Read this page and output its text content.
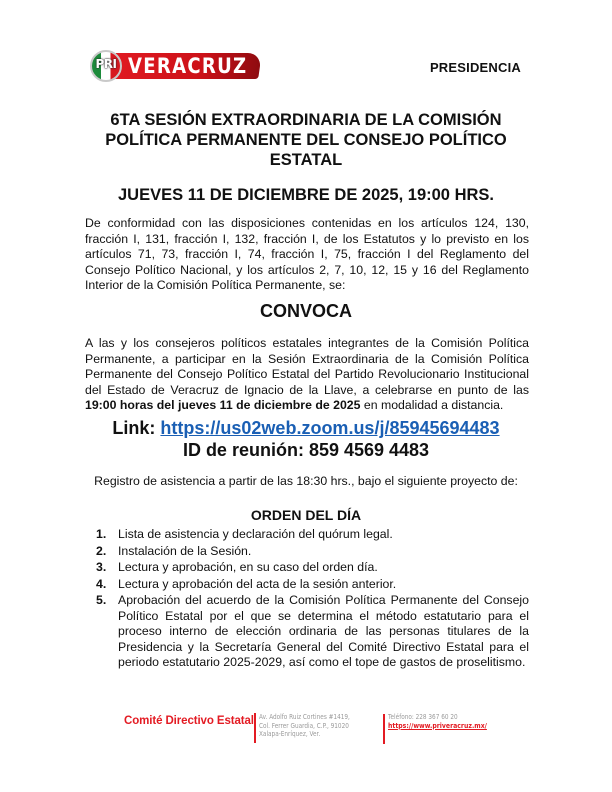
VERACRUZ
PRI	PRESIDENCIA
6TA SESIÓN EXTRAORDINARIA DE LA COMISIÓN POLÍTICA PERMANENTE DEL CONSEJO POLÍTICO ESTATAL
JUEVES 11 DE DICIEMBRE DE 2025, 19:00 HRS.
De conformidad con las disposiciones contenidas en los artículos 124, 130, fracción I, 131, fracción I, 132, fracción I, de los Estatutos y lo previsto en los artículos 71, 73, fracción I, 74, fracción I, 75, fracción I del Reglamento del Consejo Político Nacional, y los artículos 2, 7, 10, 12, 15 y 16 del Reglamento Interior de la Comisión Política Permanente, se:
CONVOCA
A las y los consejeros políticos estatales integrantes de la Comisión Política Permanente, a participar en la Sesión Extraordinaria de la Comisión Política Permanente del Consejo Político Estatal del Partido Revolucionario Institucional del Estado de Veracruz de Ignacio de la Llave, a celebrarse en punto de las 19:00 horas del jueves 11 de diciembre de 2025 en modalidad a distancia.
Link: https://us02web.zoom.us/j/85945694483
ID de reunión: 859 4569 4483
Registro de asistencia a partir de las 18:30 hrs., bajo el siguiente proyecto de:
ORDEN DEL DÍA
1. Lista de asistencia y declaración del quórum legal.
2. Instalación de la Sesión.
3. Lectura y aprobación, en su caso del orden día.
4. Lectura y aprobación del acta de la sesión anterior.
5. Aprobación del acuerdo de la Comisión Política Permanente del Consejo Político Estatal por el que se determina el método estatutario para el proceso interno de elección ordinaria de las personas titulares de la Presidencia y la Secretaría General del Comité Directivo Estatal para el periodo estatutario 2025-2029, así como el tope de gastos de proselitismo.
Comité Directivo Estatal Av. Adolfo Ruiz Cortines #1419,
Col. Ferrer Guardia, C.P., 91020
Xalapa-Enríquez, Ver.
Teléfono: 228 367 60 20
https://www.priveracruz.mx/
